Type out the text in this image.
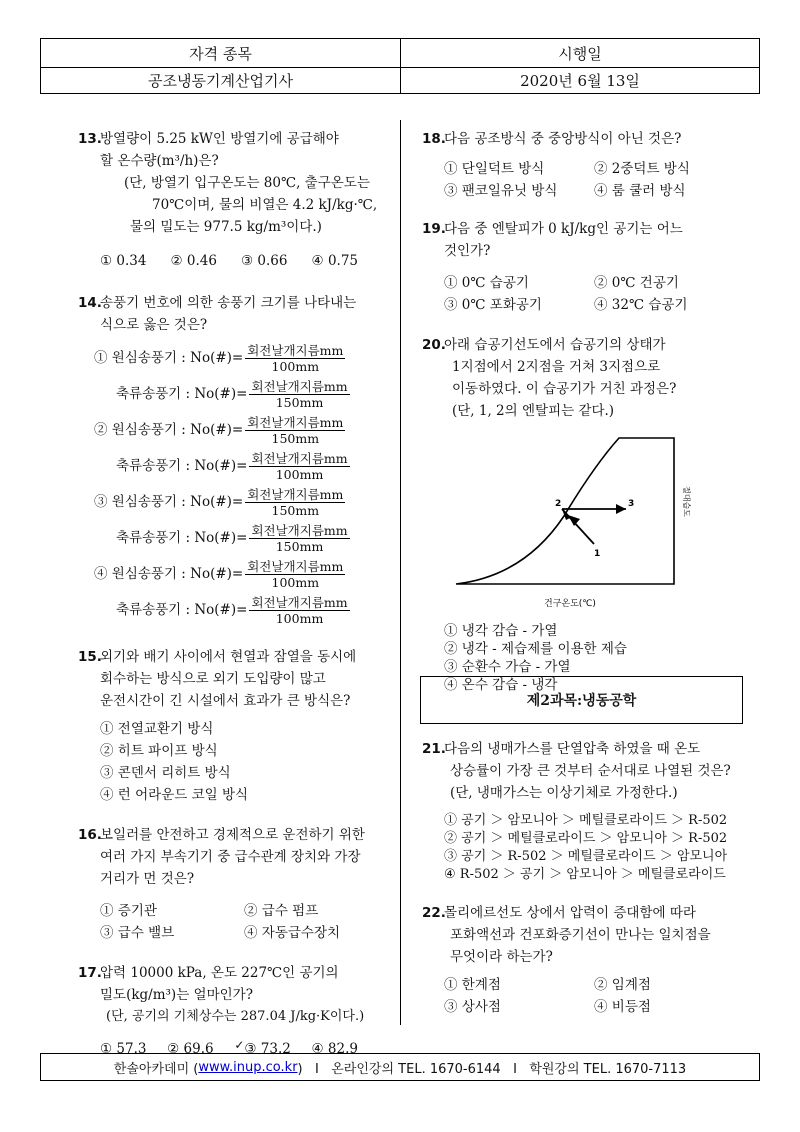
자격 종목	시행일
공조냉동기계산업기사	2020년 6월 13일
13.
방열량이 5.25 kW인 방열기에 공급해야
할 온수량(m³/h)은?
(단, 방열기 입구온도는 80℃, 출구온도는
70℃이며, 물의 비열은 4.2 kJ/kg·℃,
물의 밀도는 977.5 kg/m³이다.)
① 0.34 ② 0.46 ③ 0.66 ④ 0.75
14.
송풍기 번호에 의한 송풍기 크기를 나타내는
식으로 옳은 것은?
① 원심송풍기 : No(#)= $\frac{\text{회전날개지름mm}}{100mm}$
축류송풍기 : No(#)= $\frac{\text{회전날개지름mm}}{150mm}$
② 원심송풍기 : No(#)= $\frac{\text{회전날개지름mm}}{150mm}$
축류송풍기 : No(#)= $\frac{\text{회전날개지름mm}}{100mm}$
③ 원심송풍기 : No(#)= $\frac{\text{회전날개지름mm}}{150mm}$
축류송풍기 : No(#)= $\frac{\text{회전날개지름mm}}{150mm}$
④ 원심송풍기 : No(#)= $\frac{\text{회전날개지름mm}}{100mm}$
축류송풍기 : No(#)= $\frac{\text{회전날개지름mm}}{100mm}$
15.
외기와 배기 사이에서 현열과 잠열을 동시에
회수하는 방식으로 외기 도입량이 많고
운전시간이 긴 시설에서 효과가 큰 방식은?
① 전열교환기 방식
② 히트 파이프 방식
③ 콘덴서 리히트 방식
④ 런 어라운드 코일 방식
16.
보일러를 안전하고 경제적으로 운전하기 위한
여러 가지 부속기기 중 급수관계 장치와 가장
거리가 먼 것은?
① 증기관	② 급수 펌프
③ 급수 밸브	④ 자동급수장치
17.
압력 10000 kPa, 온도 227℃인 공기의
밀도(kg/m³)는 얼마인가?
(단, 공기의 기체상수는 287.04 J/kg·K이다.)
① 57.3 ② 69.6 ✓③ 73.2 ④ 82.9
18.
다음 공조방식 중 중앙방식이 아닌 것은?
① 단일덕트 방식	② 2중덕트 방식
③ 팬코일유닛 방식	④ 룸 쿨러 방식
19.
다음 중 엔탈피가 0 kJ/kg인 공기는 어느
것인가?
① 0℃ 습공기	② 0℃ 건공기
③ 0℃ 포화공기	④ 32℃ 습공기
20.
아래 습공기선도에서 습공기의 상태가
1지점에서 2지점을 거쳐 3지점으로
이동하였다. 이 습공기가 거친 과정은?
(단, 1, 2의 엔탈피는 같다.)
2	3
1
건구온도(℃)
절대습도
① 냉각 감습 - 가열
② 냉각 - 제습제를 이용한 제습
③ 순환수 가습 - 가열
④ 온수 감습 - 냉각
제2과목:냉동공학
21.
다음의 냉매가스를 단열압축 하였을 때 온도
상승률이 가장 큰 것부터 순서대로 나열된 것은?
(단, 냉매가스는 이상기체로 가정한다.)
① 공기 ＞ 암모니아 ＞ 메틸클로라이드 ＞ R-502
② 공기 ＞ 메틸클로라이드 ＞ 암모니아 ＞ R-502
③ 공기 ＞ R-502 ＞ 메틸클로라이드 ＞ 암모니아
④ R-502 ＞ 공기 ＞ 암모니아 ＞ 메틸클로라이드
22.
몰리에르선도 상에서 압력이 증대함에 따라
포화액선과 건포화증기선이 만나는 일치점을
무엇이라 하는가?
① 한계점	② 임계점
③ 상사점	④ 비등점
한솔아카데미 ( www.inup.co.kr )   I   온라인강의 TEL. 1670-6144   I   학원강의 TEL. 1670-7113
